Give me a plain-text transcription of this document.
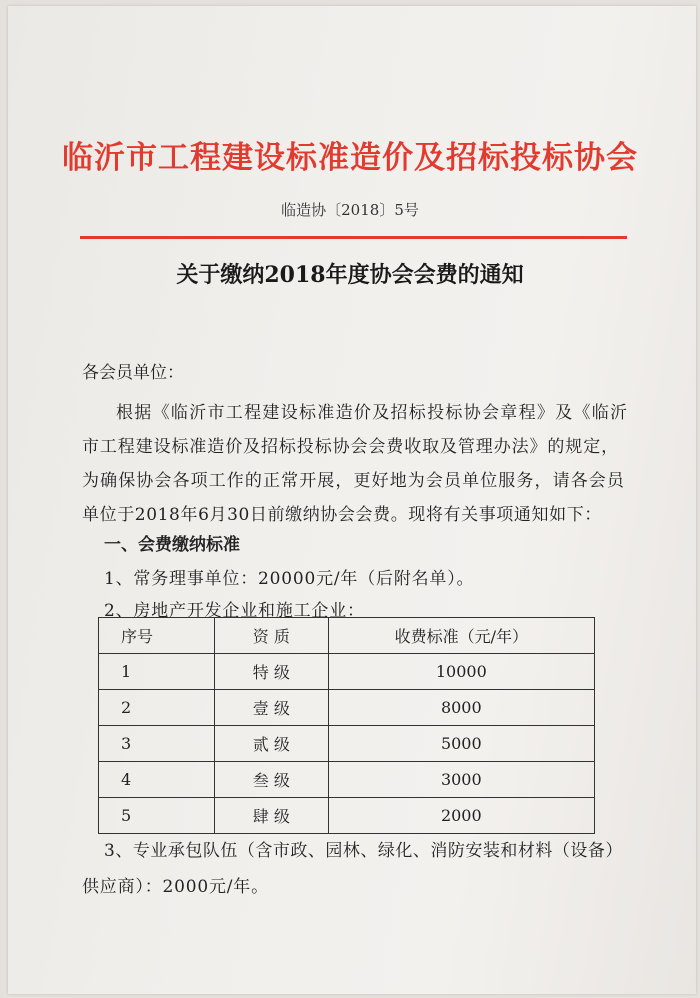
临沂市工程建设标准造价及招标投标协会
临造协〔2018〕5号
关于缴纳2018年度协会会费的通知
各会员单位：
根据《临沂市工程建设标准造价及招标投标协会章程》及《临沂
市工程建设标准造价及招标投标协会会费收取及管理办法》的规定，
为确保协会各项工作的正常开展，更好地为会员单位服务，请各会员
单位于2018年6月30日前缴纳协会会费。现将有关事项通知如下：
一、会费缴纳标准
1、常务理事单位：20000元/年（后附名单）。
2、房地产开发企业和施工企业：
序号	资 质	收费标准（元/年）
1	特 级	10000
2	壹 级	8000
3	贰 级	5000
4	叁 级	3000
5	肆 级	2000
3、专业承包队伍（含市政、园林、绿化、消防安装和材料（设备）
供应商）：2000元/年。
